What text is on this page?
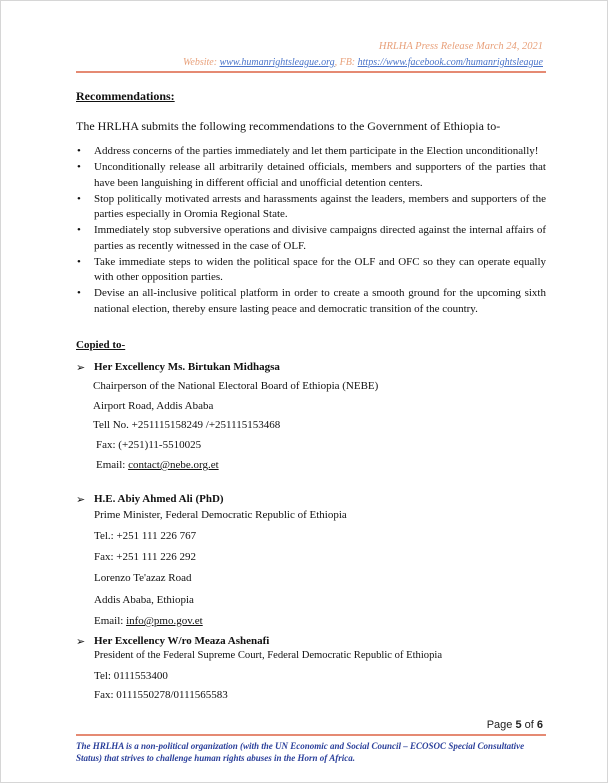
HRLHA Press Release March 24, 2021
Website: www.humanrightsleague.org, FB: https://www.facebook.com/humanrightsleague
Recommendations:
The HRLHA submits the following recommendations to the Government of Ethiopia to-
• Address concerns of the parties immediately and let them participate in the Election unconditionally!
• Unconditionally release all arbitrarily detained officials, members and supporters of the parties that have been languishing in different official and unofficial detention centers.
• Stop politically motivated arrests and harassments against the leaders, members and supporters of the parties especially in Oromia Regional State.
• Immediately stop subversive operations and divisive campaigns directed against the internal affairs of parties as recently witnessed in the case of OLF.
• Take immediate steps to widen the political space for the OLF and OFC so they can operate equally with other opposition parties.
• Devise an all-inclusive political platform in order to create a smooth ground for the upcoming sixth national election, thereby ensure lasting peace and democratic transition of the country.
Copied to-
➢ Her Excellency Ms. Birtukan Midhagsa
Chairperson of the National Electoral Board of Ethiopia (NEBE)
Airport Road, Addis Ababa
Tell No. +251115158249 /+251115153468
Fax: (+251)11-5510025
Email: contact@nebe.org.et
➢ H.E. Abiy Ahmed Ali (PhD)
Prime Minister, Federal Democratic Republic of Ethiopia
Tel.: +251 111 226 767
Fax: +251 111 226 292
Lorenzo Te'azaz Road
Addis Ababa, Ethiopia
Email: info@pmo.gov.et
➢ Her Excellency W/ro Meaza Ashenafi
President of the Federal Supreme Court, Federal Democratic Republic of Ethiopia
Tel: 0111553400
Fax: 0111550278/0111565583
Page 5 of 6
The HRLHA is a non-political organization (with the UN Economic and Social Council – ECOSOC Special Consultative Status) that strives to challenge human rights abuses in the Horn of Africa.
